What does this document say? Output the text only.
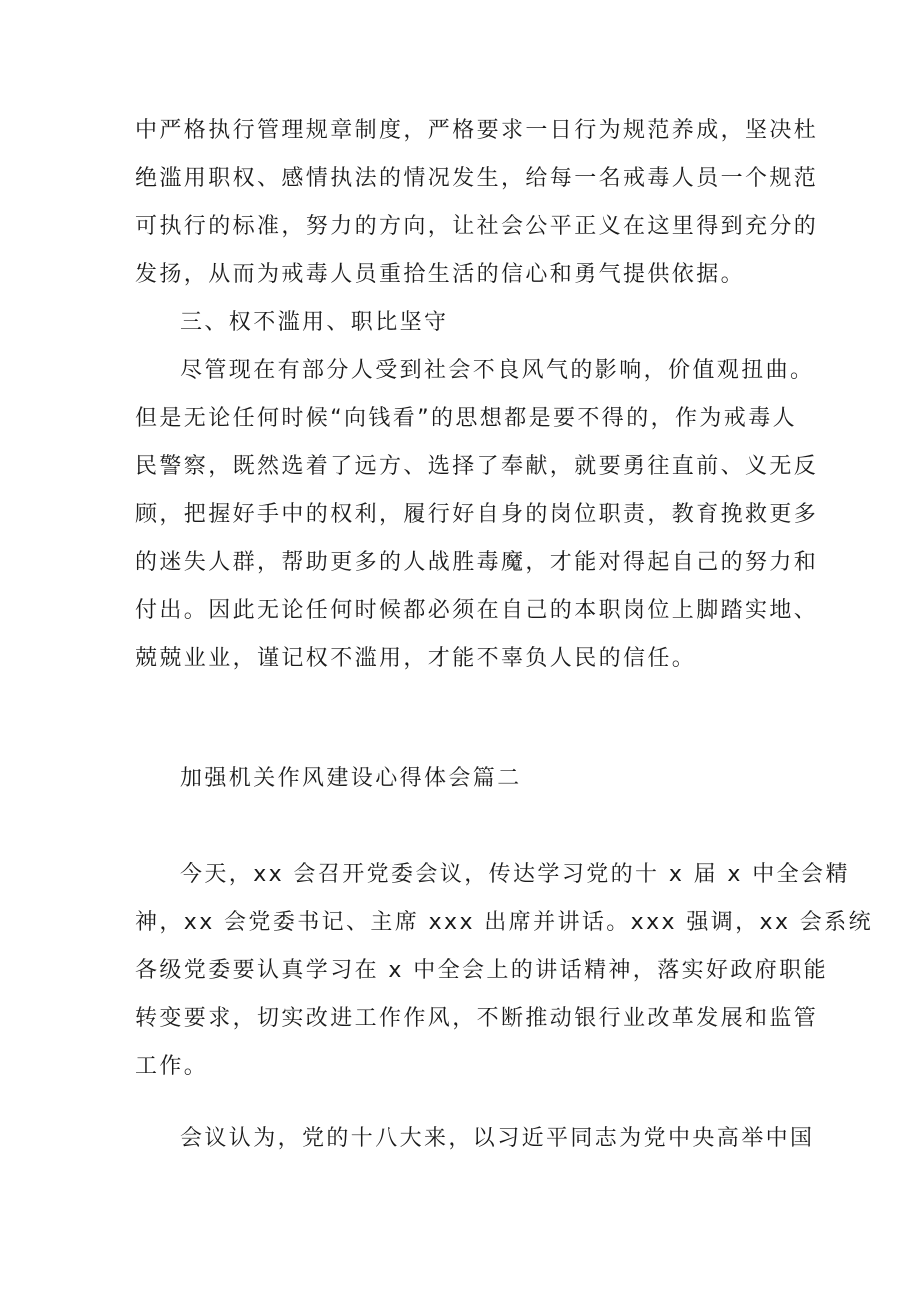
中严格执行管理规章制度，严格要求一日行为规范养成，坚决杜
绝滥用职权、感情执法的情况发生，给每一名戒毒人员一个规范
可执行的标准，努力的方向，让社会公平正义在这里得到充分的
发扬，从而为戒毒人员重拾生活的信心和勇气提供依据。
三、权不滥用、职比坚守
尽管现在有部分人受到社会不良风气的影响，价值观扭曲。
但是无论任何时候“向钱看”的思想都是要不得的，作为戒毒人
民警察，既然选着了远方、选择了奉献，就要勇往直前、义无反
顾，把握好手中的权利，履行好自身的岗位职责，教育挽救更多
的迷失人群，帮助更多的人战胜毒魔，才能对得起自己的努力和
付出。因此无论任何时候都必须在自己的本职岗位上脚踏实地、
兢兢业业，谨记权不滥用，才能不辜负人民的信任。
加强机关作风建设心得体会篇二
今天，xx 会召开党委会议，传达学习党的十 x 届 x 中全会精
神，xx 会党委书记、主席 xxx 出席并讲话。xxx 强调，xx 会系统
各级党委要认真学习在 x 中全会上的讲话精神，落实好政府职能
转变要求，切实改进工作作风，不断推动银行业改革发展和监管
工作。
会议认为，党的十八大来，以习近平同志为党中央高举中国
